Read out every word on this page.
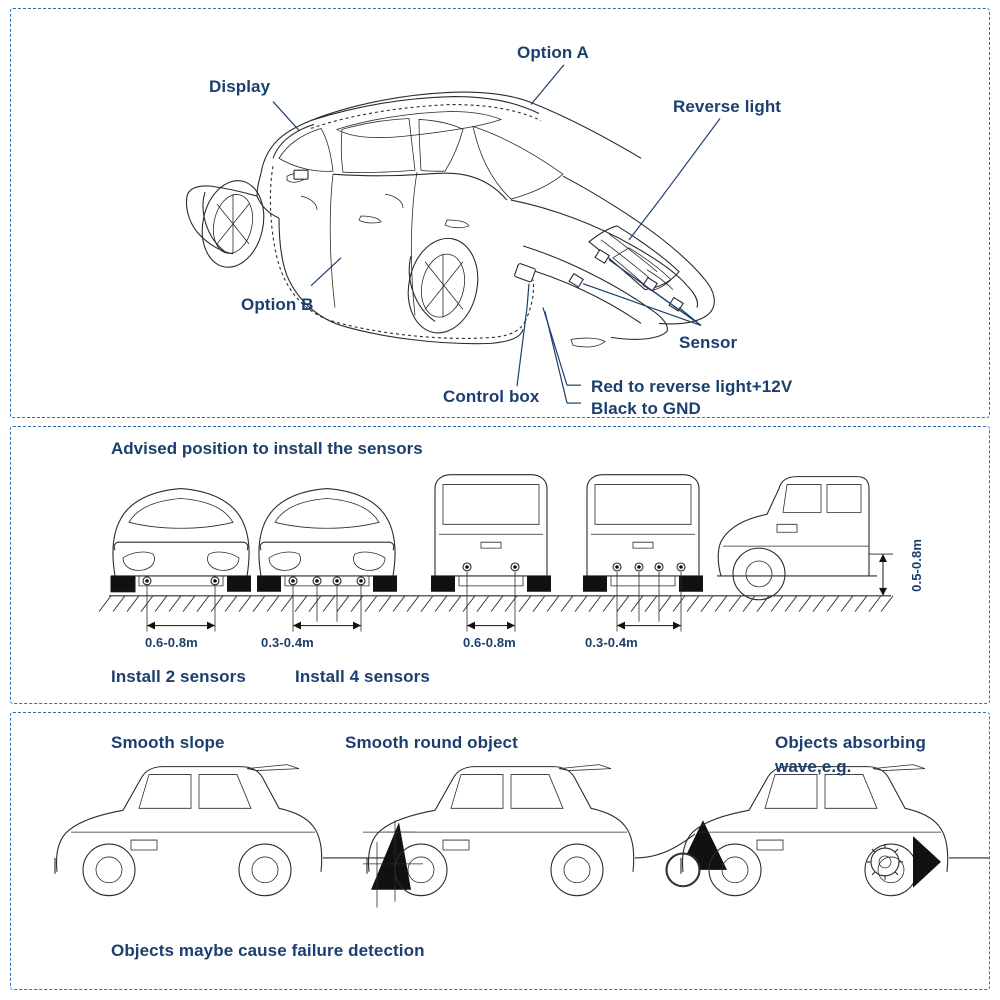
Option A
Display
Reverse light
Sensor
Option B
Control box
Red to reverse light+12V
Black to GND
Advised position to install the sensors
0.6-0.8m	0.3-0.4m	0.6-0.8m	0.3-0.4m
0.5-0.8m
Install 2 sensors	Install 4 sensors
Smooth slope	Smooth round object	Objects absorbing
wave,e.g.
Objects maybe cause failure detection
